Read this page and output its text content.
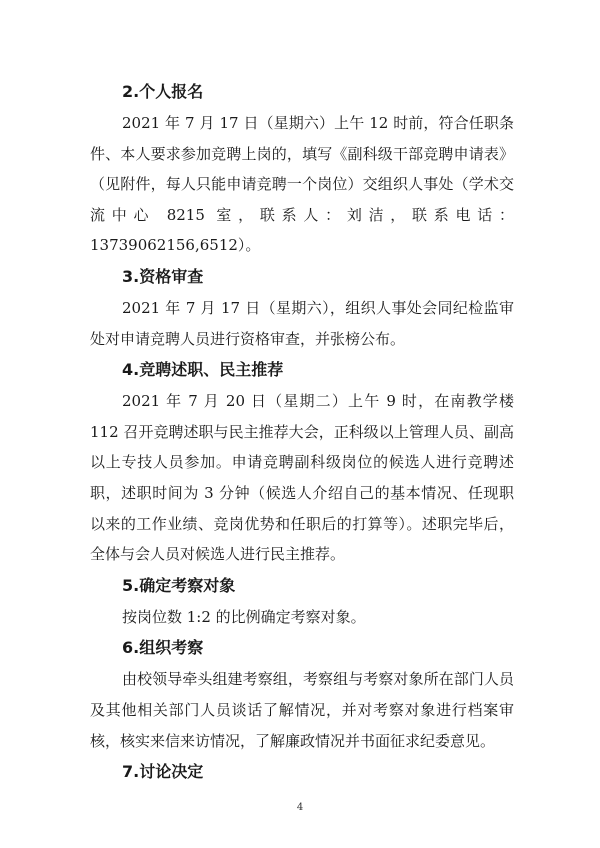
2.个人报名

2021 年 7 月 17 日（星期六）上午 12 时前，符合任职条件、本人要求参加竞聘上岗的，填写《副科级干部竞聘申请表》（见附件，每人只能申请竞聘一个岗位）交组织人事处（学术交流中心 8215 室，联系人：刘洁，联系电话：13739062156,6512）。

3.资格审查

2021 年 7 月 17 日（星期六），组织人事处会同纪检监审处对申请竞聘人员进行资格审查，并张榜公布。

4.竞聘述职、民主推荐

2021 年 7 月 20 日（星期二）上午 9 时，在南教学楼 112 召开竞聘述职与民主推荐大会，正科级以上管理人员、副高以上专技人员参加。申请竞聘副科级岗位的候选人进行竞聘述职，述职时间为 3 分钟（候选人介绍自己的基本情况、任现职以来的工作业绩、竞岗优势和任职后的打算等）。述职完毕后，全体与会人员对候选人进行民主推荐。

5.确定考察对象

按岗位数 1:2 的比例确定考察对象。

6.组织考察

由校领导牵头组建考察组，考察组与考察对象所在部门人员及其他相关部门人员谈话了解情况，并对考察对象进行档案审核，核实来信来访情况，了解廉政情况并书面征求纪委意见。

7.讨论决定
4
